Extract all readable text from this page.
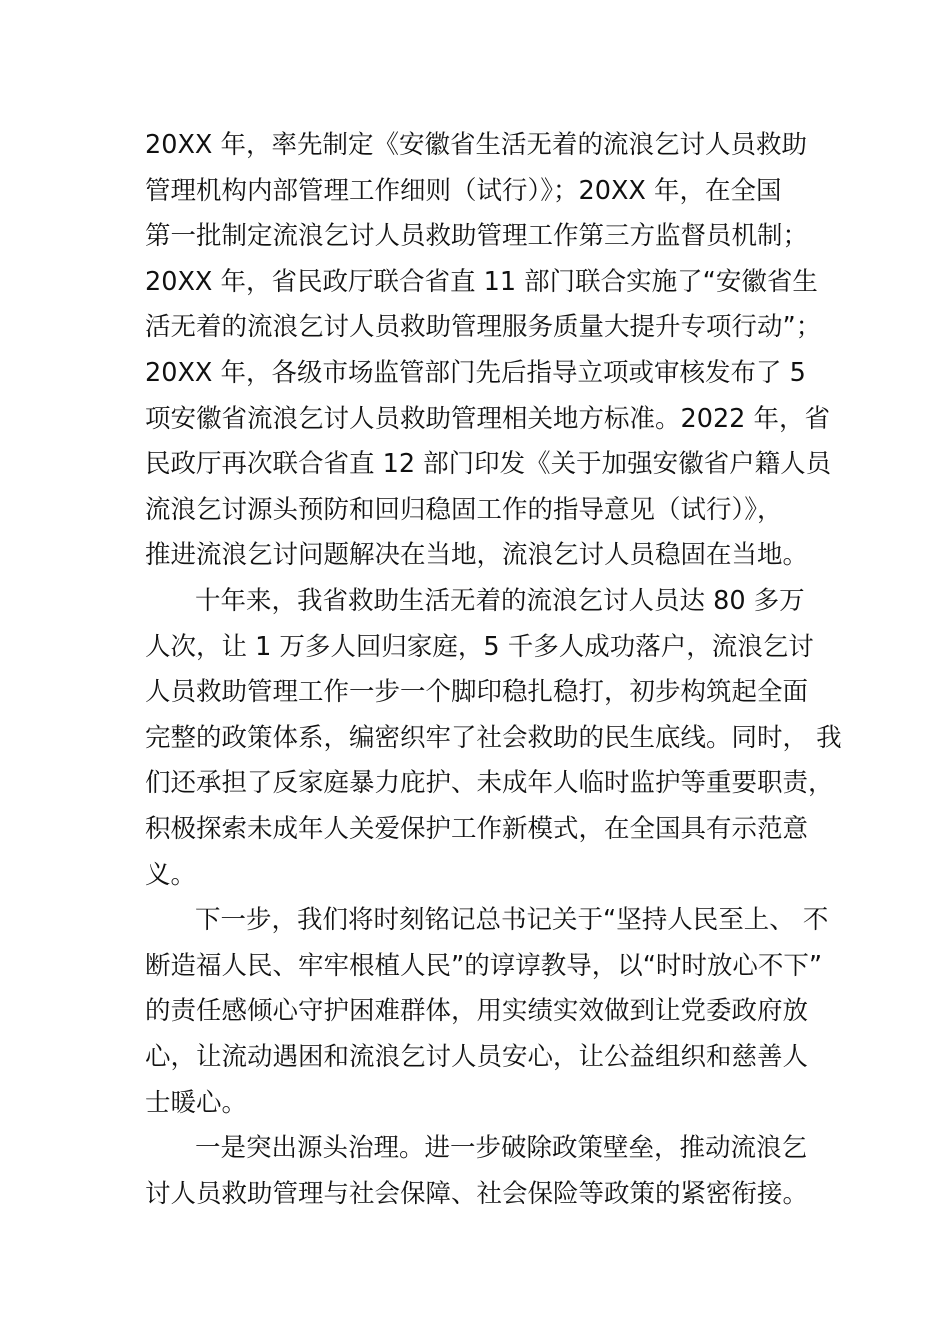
20XX 年，率先制定《安徽省生活无着的流浪乞讨人员救助
管理机构内部管理工作细则（试行）》；20XX 年，在全国
第一批制定流浪乞讨人员救助管理工作第三方监督员机制；
20XX 年，省民政厅联合省直 11 部门联合实施了“安徽省生
活无着的流浪乞讨人员救助管理服务质量大提升专项行动”；
20XX 年，各级市场监管部门先后指导立项或审核发布了 5
项安徽省流浪乞讨人员救助管理相关地方标准。2022 年，省
民政厅再次联合省直 12 部门印发《关于加强安徽省户籍人员
流浪乞讨源头预防和回归稳固工作的指导意见（试行）》，
推进流浪乞讨问题解决在当地，流浪乞讨人员稳固在当地。
十年来，我省救助生活无着的流浪乞讨人员达 80 多万
人次，让 1 万多人回归家庭，5 千多人成功落户，流浪乞讨
人员救助管理工作一步一个脚印稳扎稳打，初步构筑起全面
完整的政策体系，编密织牢了社会救助的民生底线。同时， 我
们还承担了反家庭暴力庇护、未成年人临时监护等重要职责，
积极探索未成年人关爱保护工作新模式，在全国具有示范意
义。
下一步，我们将时刻铭记总书记关于“坚持人民至上、 不
断造福人民、牢牢根植人民”的谆谆教导，以“时时放心不下”
的责任感倾心守护困难群体，用实绩实效做到让党委政府放
心，让流动遇困和流浪乞讨人员安心，让公益组织和慈善人
士暖心。
一是突出源头治理。进一步破除政策壁垒，推动流浪乞
讨人员救助管理与社会保障、社会保险等政策的紧密衔接。
